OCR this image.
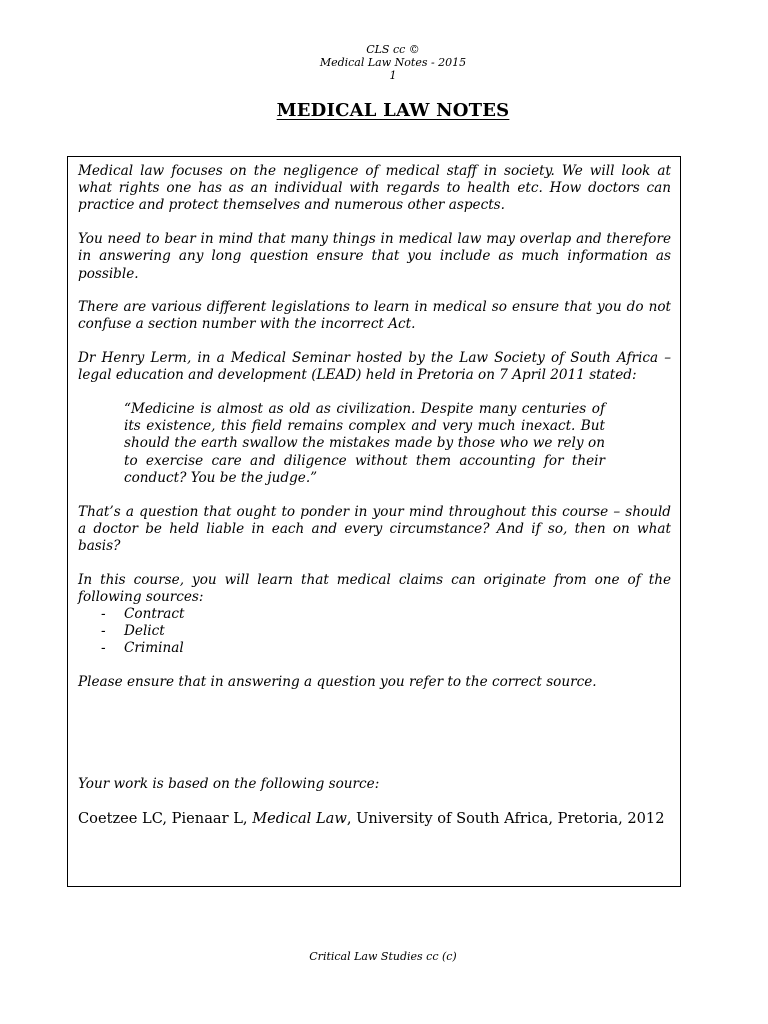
CLS cc ©
Medical Law Notes - 2015
1
MEDICAL LAW NOTES

Medical law focuses on the negligence of medical staff in society. We will look at what rights one has as an individual with regards to health etc. How doctors can practice and protect themselves and numerous other aspects.

You need to bear in mind that many things in medical law may overlap and therefore in answering any long question ensure that you include as much information as possible.

There are various different legislations to learn in medical so ensure that you do not confuse a section number with the incorrect Act.

Dr Henry Lerm, in a Medical Seminar hosted by the Law Society of South Africa – legal education and development (LEAD) held in Pretoria on 7 April 2011 stated:

“Medicine is almost as old as civilization. Despite many centuries of its existence, this field remains complex and very much inexact. But should the earth swallow the mistakes made by those who we rely on to exercise care and diligence without them accounting for their conduct? You be the judge.”

That’s a question that ought to ponder in your mind throughout this course – should a doctor be held liable in each and every circumstance? And if so, then on what basis?

In this course, you will learn that medical claims can originate from one of the following sources:

- Contract
- Delict
- Criminal

Please ensure that in answering a question you refer to the correct source.

Your work is based on the following source:

Coetzee LC, Pienaar L, Medical Law, University of South Africa, Pretoria, 2012

Critical Law Studies cc (c)
